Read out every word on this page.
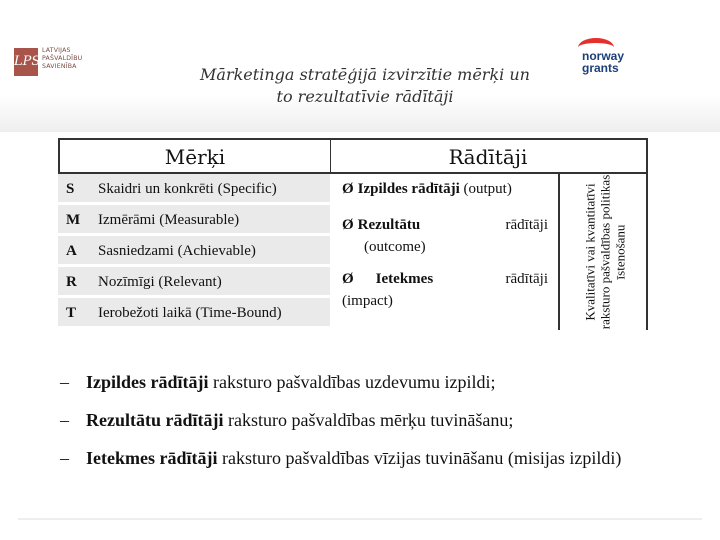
LPS
LATVIJAS
PAŠVALDĪBU
SAVIENĪBA
norway
grants
Mārketinga stratēģijā izvirzītie mērķi un
to rezultatīvie rādītāji
Mērķi	Rādītāji
S	Skaidri un konkrēti (Specific)
M	Izmērāmi (Measurable)
A	Sasniedzami (Achievable)
R	Nozīmīgi (Relevant)
T	Ierobežoti laikā (Time-Bound)
Ø Izpildes rādītāji (output)
Ø Rezultātu	rādītāji
(outcome)
Ø Ietekmes	rādītāji
(impact)	Kvalitatīvi vai kvantitatīvi raksturo pašvaldības politikas īstenošanu
– Izpildes rādītāji raksturo pašvaldības uzdevumu izpildi;
– Rezultātu rādītāji raksturo pašvaldības mērķu tuvināšanu;
– Ietekmes rādītāji raksturo pašvaldības vīzijas tuvināšanu (misijas izpildi)
